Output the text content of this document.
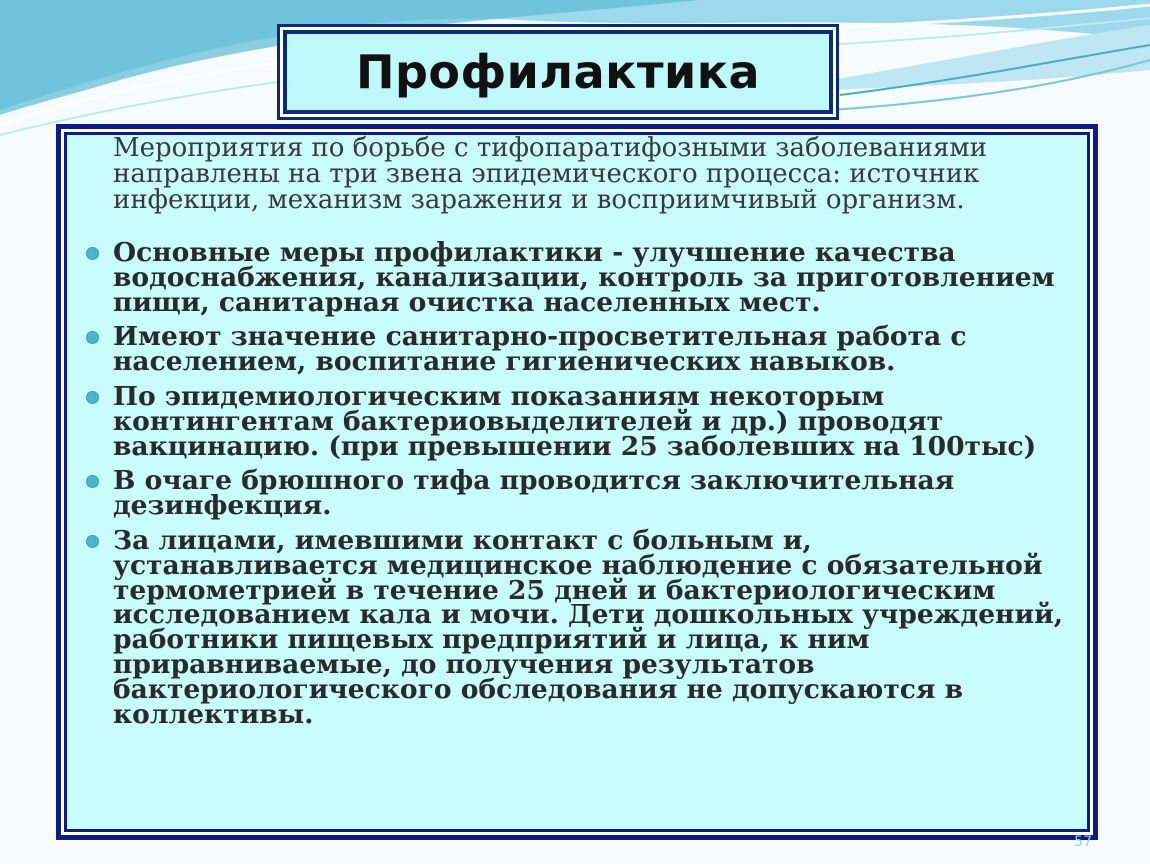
Профилактика

Мероприятия по борьбе с тифопаратифозными заболеваниями направлены на три звена эпидемического процесса: источник инфекции, механизм заражения и восприимчивый организм.

Основные меры профилактики - улучшение качества водоснабжения, канализации, контроль за приготовлением пищи, санитарная очистка населенных мест.
Имеют значение санитарно-просветительная работа с населением, воспитание гигиенических навыков.
По эпидемиологическим показаниям некоторым контингентам бактериовыделителей и др.) проводят вакцинацию. (при превышении 25 заболевших на 100тыс)
В очаге брюшного тифа проводится заключительная дезинфекция.
За лицами, имевшими контакт с больным и, устанавливается медицинское наблюдение с обязательной термометрией в течение 25 дней и бактериологическим исследованием кала и мочи. Дети дошкольных учреждений, работники пищевых предприятий и лица, к ним приравниваемые, до получения результатов бактериологического обследования не допускаются в коллективы.
57
